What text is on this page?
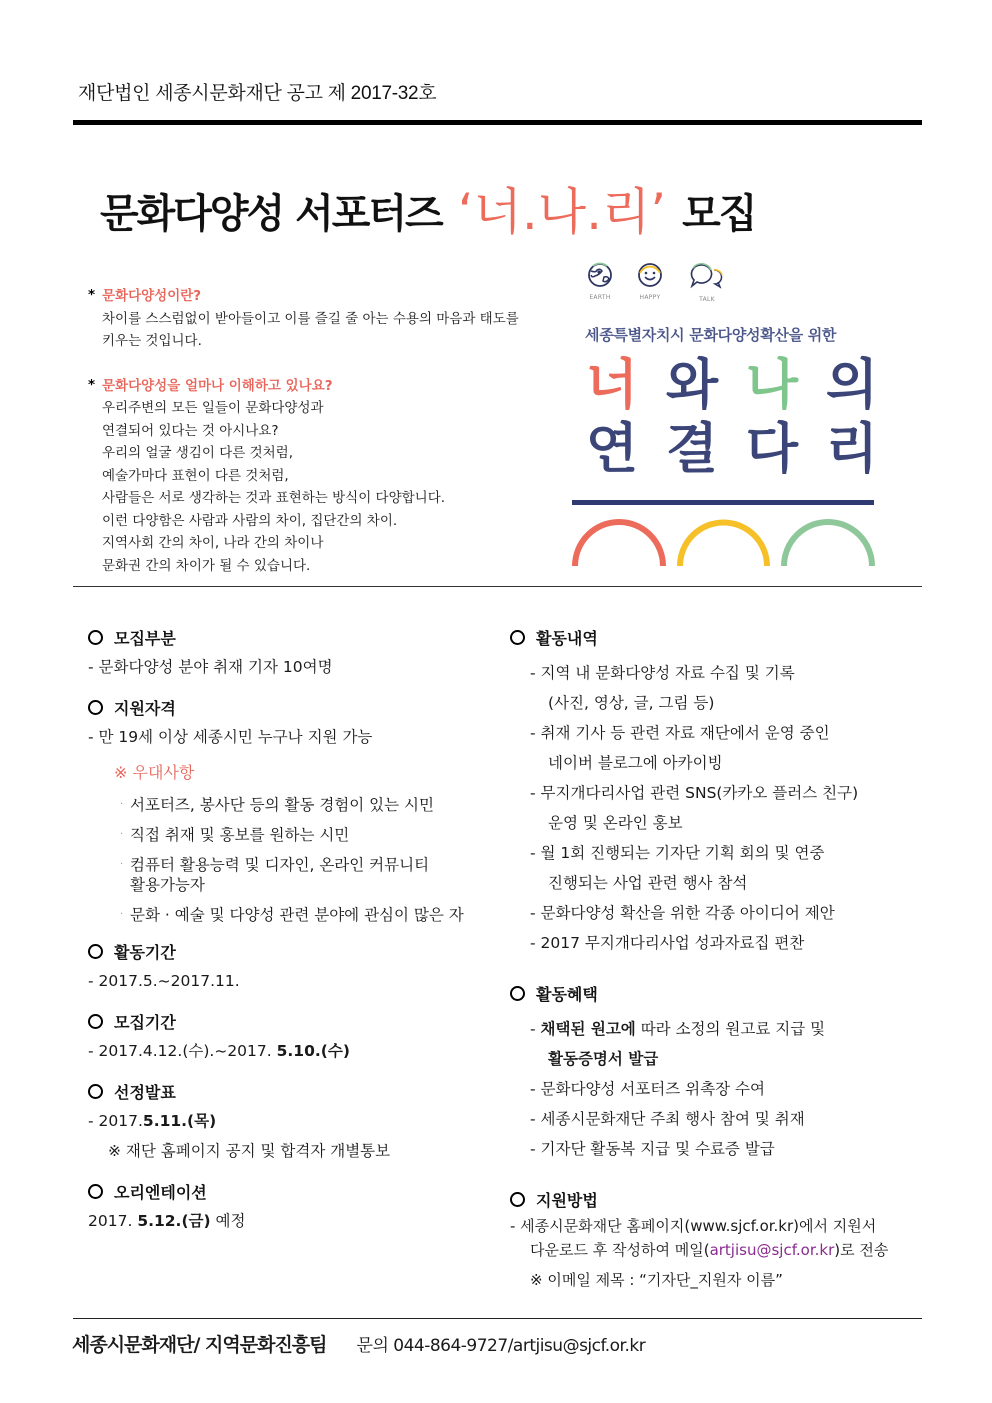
재단법인 세종시문화재단 공고 제 2017-32호
문화다양성 서포터즈 ‘너.나.리’ 모집
* 문화다양성이란?
차이를 스스럼없이 받아들이고 이를 즐길 줄 아는 수용의 마음과 태도를
키우는 것입니다.
* 문화다양성을 얼마나 이해하고 있나요?
우리주변의 모든 일들이 문화다양성과
연결되어 있다는 것 아시나요?
우리의 얼굴 생김이 다른 것처럼,
예술가마다 표현이 다른 것처럼,
사람들은 서로 생각하는 것과 표현하는 방식이 다양합니다.
이런 다양함은 사람과 사람의 차이, 집단간의 차이.
지역사회 간의 차이, 나라 간의 차이나
문화권 간의 차이가 될 수 있습니다.
EARTH	HAPPY	TALK
세종특별자치시 문화다양성확산을 위한
너 와 나 의
연 결 다 리
모집부분
- 문화다양성 분야 취재 기자 10여명
지원자격
- 만 19세 이상 세종시민 누구나 지원 가능
※ 우대사항
· 서포터즈, 봉사단 등의 활동 경험이 있는 시민
· 직접 취재 및 홍보를 원하는 시민
· 컴퓨터 활용능력 및 디자인, 온라인 커뮤니티
활용가능자
· 문화 · 예술 및 다양성 관련 분야에 관심이 많은 자
활동기간
- 2017.5.~2017.11.
모집기간
- 2017.4.12.(수).~2017. 5.10.(수)
선정발표
- 2017.5.11.(목)
※ 재단 홈페이지 공지 및 합격자 개별통보
오리엔테이션
2017. 5.12.(금) 예정
활동내역
- 지역 내 문화다양성 자료 수집 및 기록
(사진, 영상, 글, 그림 등)
- 취재 기사 등 관련 자료 재단에서 운영 중인
네이버 블로그에 아카이빙
- 무지개다리사업 관련 SNS(카카오 플러스 친구)
운영 및 온라인 홍보
- 월 1회 진행되는 기자단 기획 회의 및 연중
진행되는 사업 관련 행사 참석
- 문화다양성 확산을 위한 각종 아이디어 제안
- 2017 무지개다리사업 성과자료집 편찬
활동혜택
- 채택된 원고에 따라 소정의 원고료 지급 및
활동증명서 발급
- 문화다양성 서포터즈 위촉장 수여
- 세종시문화재단 주최 행사 참여 및 취재
- 기자단 활동복 지급 및 수료증 발급
지원방법
- 세종시문화재단 홈페이지(www.sjcf.or.kr)에서 지원서
다운로드 후 작성하여 메일(artjisu@sjcf.or.kr)로 전송
※ 이메일 제목 : “기자단_지원자 이름”
세종시문화재단/ 지역문화진흥팀 문의 044-864-9727/artjisu@sjcf.or.kr
